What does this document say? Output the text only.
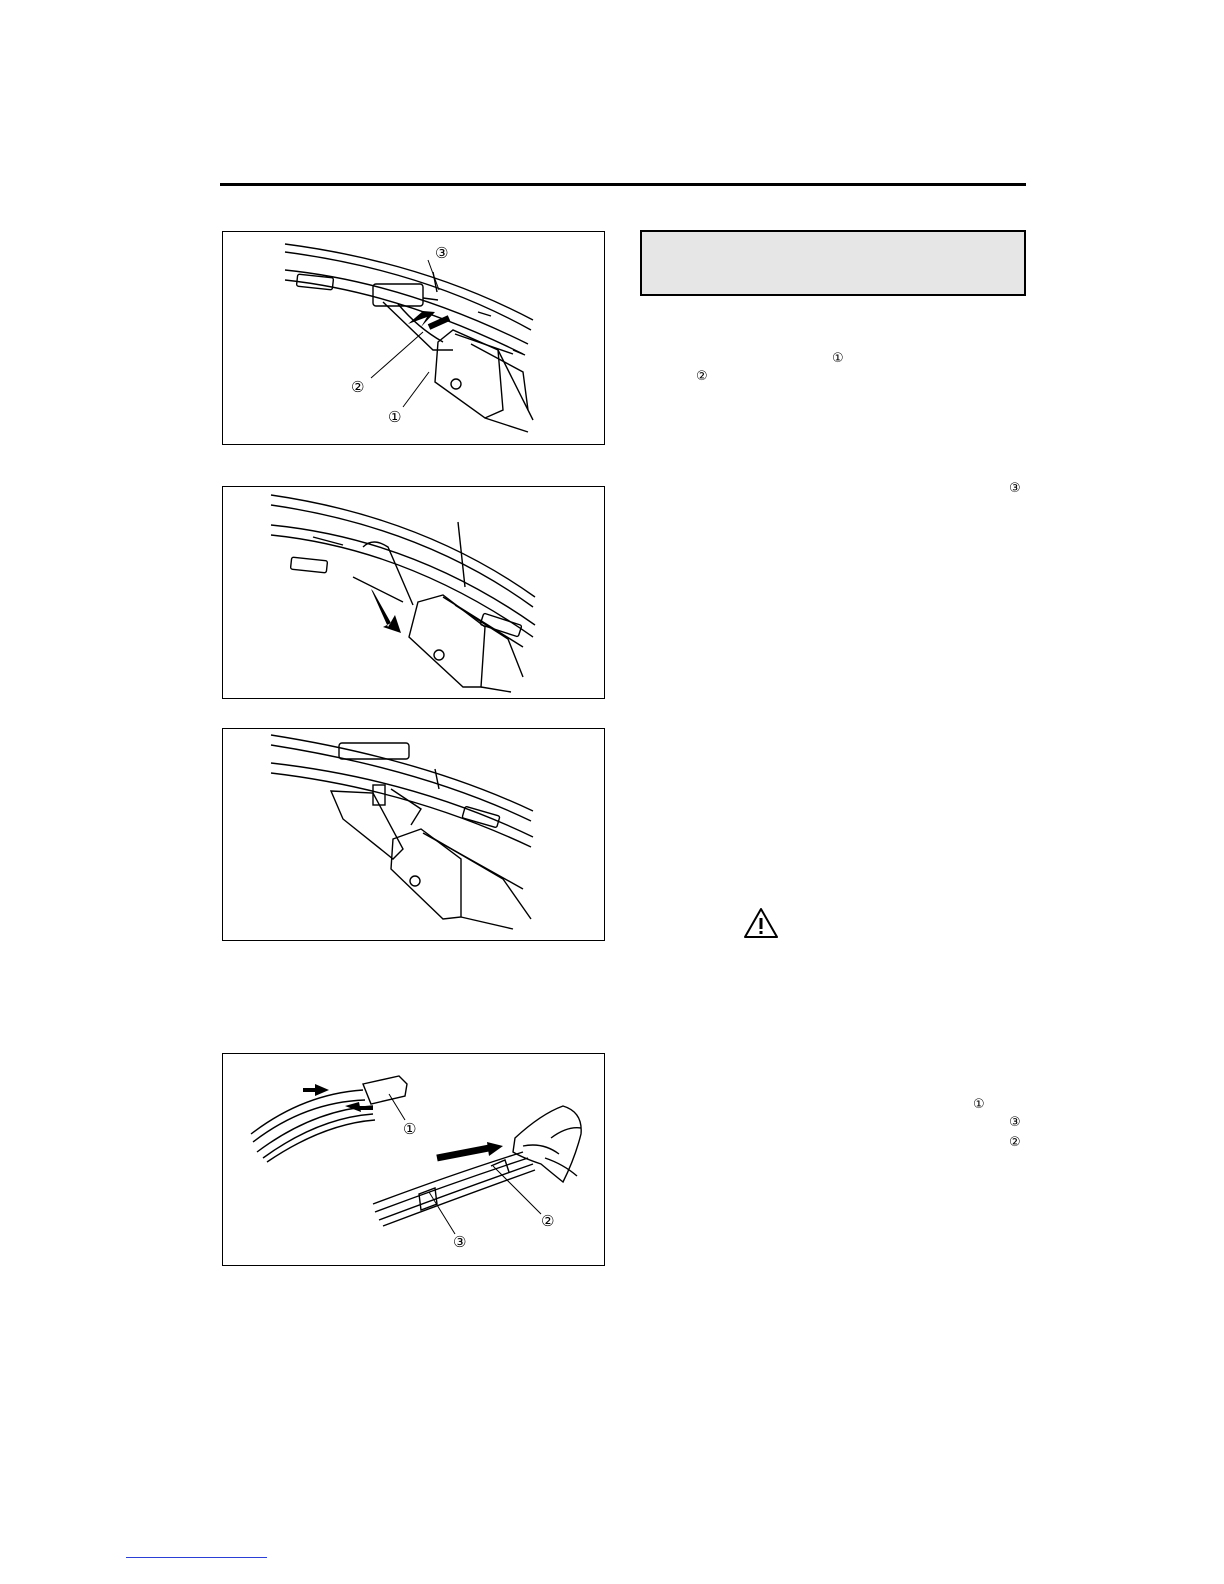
③
②
①
①
②
③
①
②
③
①
③
②
